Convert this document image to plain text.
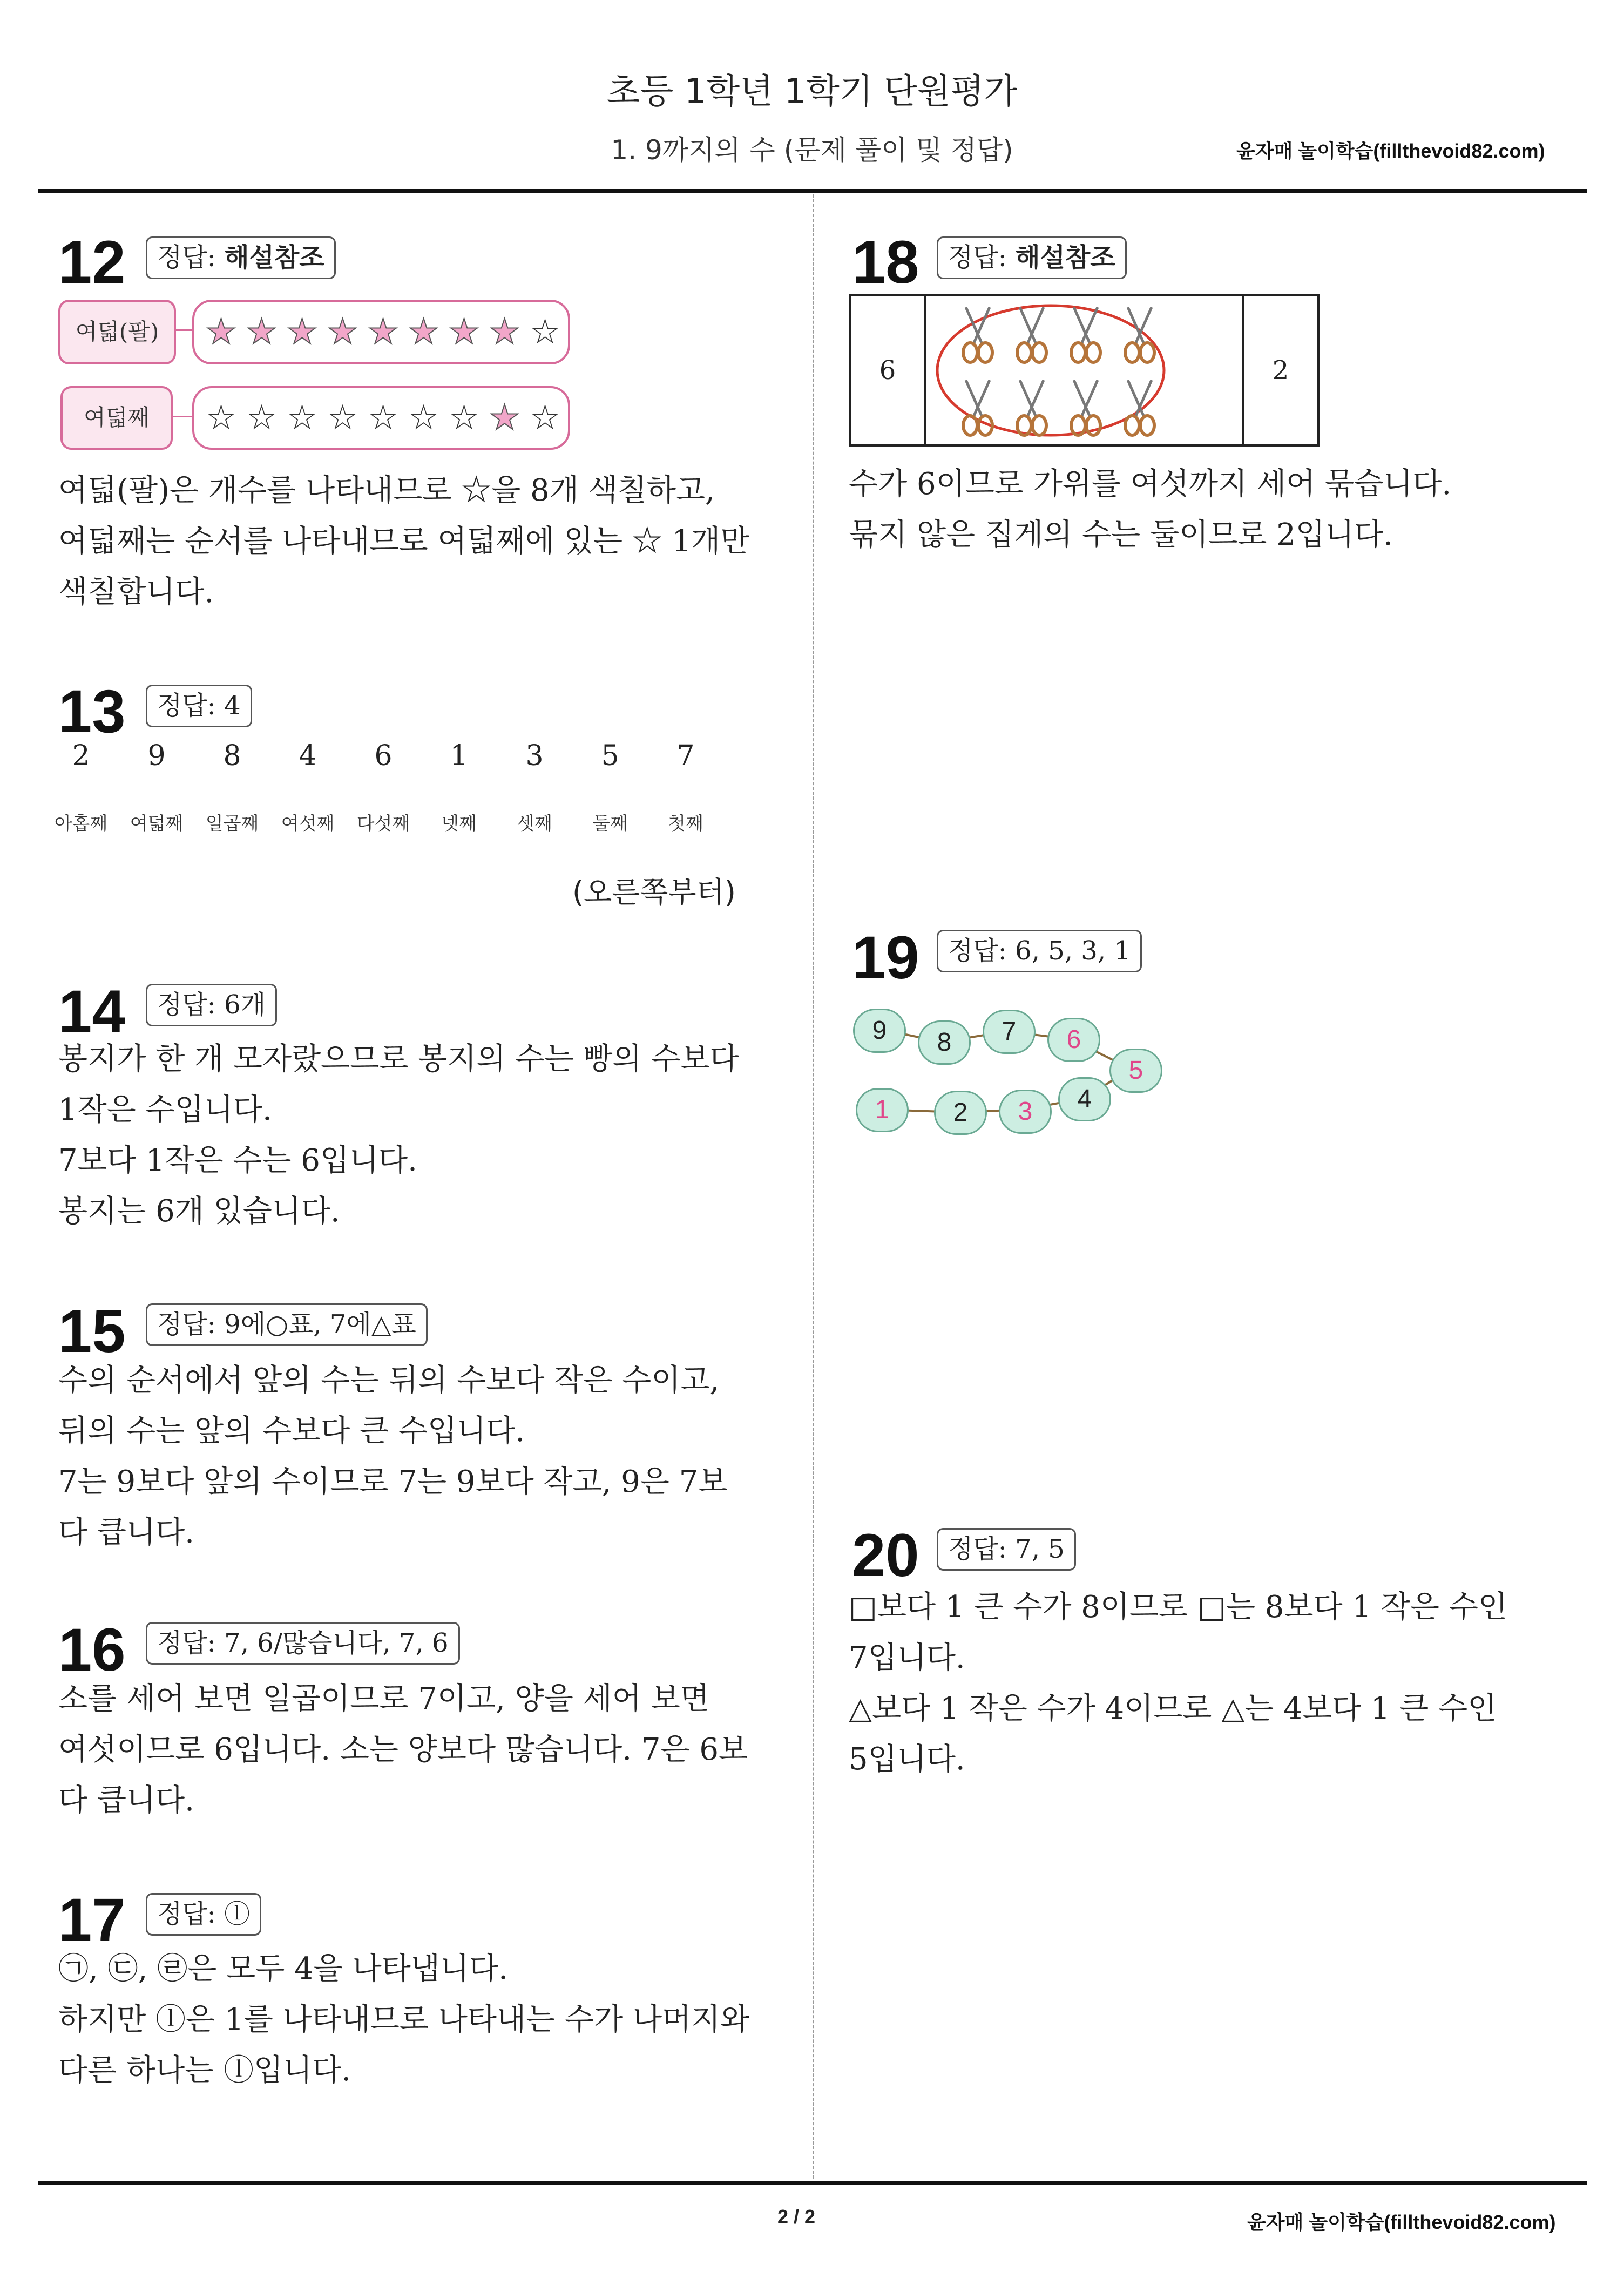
초등 1학년 1학기 단원평가
1. 9까지의 수 (문제 풀이 및 정답)	윤자매 놀이학습(fillthevoid82.com)
12	정답: 해설참조
여덟(팔)	★ ★ ★ ★ ★ ★ ★ ★ ☆
여덟째	☆ ☆ ☆ ☆ ☆ ☆ ☆ ★ ☆

여덟(팔)은 개수를 나타내므로 ☆을 8개 색칠하고,

여덟째는 순서를 나타내므로 여덟째에 있는 ☆ 1개만

색칠합니다.

13	정답: 4
2	9	8	4	6	1	3	5	7
아홉째	여덟째	일곱째	여섯째	다섯째	넷째	셋째	둘째	첫째
(오른쪽부터)
14	정답: 6개

봉지가 한 개 모자랐으므로 봉지의 수는 빵의 수보다

1작은 수입니다.

7보다 1작은 수는 6입니다.

봉지는 6개 있습니다.

15	정답: 9에○표, 7에△표

수의 순서에서 앞의 수는 뒤의 수보다 작은 수이고,

뒤의 수는 앞의 수보다 큰 수입니다.

7는 9보다 앞의 수이므로 7는 9보다 작고, 9은 7보

다 큽니다.

16	정답: 7, 6/많습니다, 7, 6

소를 세어 보면 일곱이므로 7이고, 양을 세어 보면

여섯이므로 6입니다. 소는 양보다 많습니다. 7은 6보

다 큽니다.

17	정답: ⓛ

㉠, ㉢, ㉣은 모두 4을 나타냅니다.

하지만 ⓛ은 1를 나타내므로 나타내는 수가 나머지와

다른 하나는 ⓛ입니다.

18	정답: 해설참조
6	2

수가 6이므로 가위를 여섯까지 세어 묶습니다.

묶지 않은 집게의 수는 둘이므로 2입니다.

19	정답: 6, 5, 3, 1
9	8	7	6
5
4
3
2
1
20	정답: 7, 5

□보다 1 큰 수가 8이므로 □는 8보다 1 작은 수인

7입니다.

△보다 1 작은 수가 4이므로 △는 4보다 1 큰 수인

5입니다.

2 / 2	윤자매 놀이학습(fillthevoid82.com)
